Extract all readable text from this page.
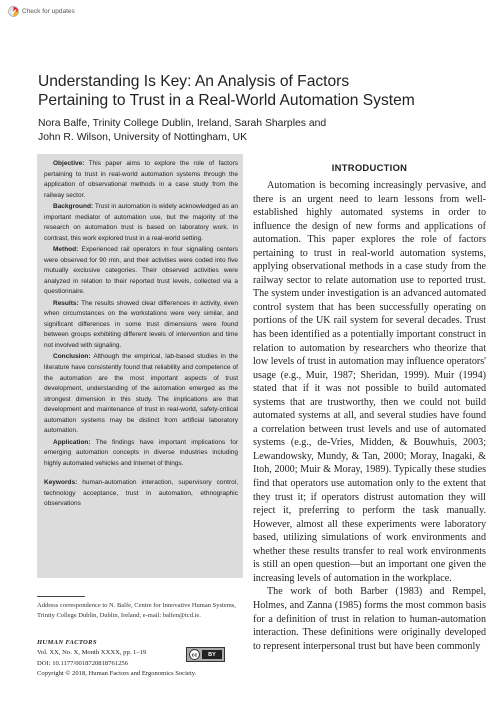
Check for updates
Understanding Is Key: An Analysis of Factors
Pertaining to Trust in a Real-World Automation System
Nora Balfe, Trinity College Dublin, Ireland, Sarah Sharples and
John R. Wilson, University of Nottingham, UK

Objective: This paper aims to explore the role of factors pertaining to trust in real-world automation systems through the application of observational methods in a case study from the railway sector.

Background: Trust in automation is widely acknowledged as an important mediator of automation use, but the majority of the research on automation trust is based on laboratory work. In contrast, this work explored trust in a real-world setting.

Method: Experienced rail operators in four signalling centers were observed for 90 min, and their activities were coded into five mutually exclusive categories. Their observed activities were analyzed in relation to their reported trust levels, collected via a questionnaire.

Results: The results showed clear differences in activity, even when circumstances on the workstations were very similar, and significant differences in some trust dimensions were found between groups exhibiting different levels of intervention and time not involved with signaling.

Conclusion: Although the empirical, lab-based studies in the literature have consistently found that reliability and competence of the automation are the most important aspects of trust development, understanding of the automation emerged as the strongest dimension in this study. The implications are that development and maintenance of trust in real-world, safety-critical automation systems may be distinct from artificial laboratory automation.

Application: The findings have important implications for emerging automation concepts in diverse industries including highly automated vehicles and Internet of things.

Keywords: human-automation interaction, supervisory control, technology acceptance, trust in automation, ethnographic observations

Address correspondence to N. Balfe, Centre for Innovative Human Systems, Trinity College Dublin, Dublin, Ireland; e-mail: balfen@tcd.ie.
HUMAN FACTORS
Vol. XX, No. X, Month XXXX, pp. 1–19
DOI: 10.1177/0018720818761256
Copyright © 2018, Human Factors and Ergonomics Society.
cc	BY
INTRODUCTION

Automation is becoming increasingly pervasive, and there is an urgent need to learn lessons from well-established highly automated systems in order to influence the design of new forms and applications of automation. This paper explores the role of factors pertaining to trust in real-world automation systems, applying observational methods in a case study from the railway sector to relate automation use to reported trust. The system under investigation is an advanced automated control system that has been successfully operating on portions of the UK rail system for several decades. Trust has been identified as a potentially important construct in relation to automation by researchers who theorize that low levels of trust in automation may influence operators' usage (e.g., Muir, 1987; Sheridan, 1999). Muir (1994) stated that if it was not possible to build automated systems that are trustworthy, then we could not build automated systems at all, and several studies have found a correlation between trust levels and use of automated systems (e.g., de-Vries, Midden, & Bouwhuis, 2003; Lewandowsky, Mundy, & Tan, 2000; Moray, Inagaki, & Itoh, 2000; Muir & Moray, 1989). Typically these studies find that operators use automation only to the extent that they trust it; if operators distrust automation they will reject it, preferring to perform the task manually. However, almost all these experiments were laboratory based, utilizing simulations of work environments and whether these results transfer to real work environments is still an open question—but an important one given the increasing levels of automation in the workplace.

The work of both Barber (1983) and Rempel, Holmes, and Zanna (1985) forms the most common basis for a definition of trust in relation to human-automation interaction. These definitions were originally developed to represent interpersonal trust but have been commonly
